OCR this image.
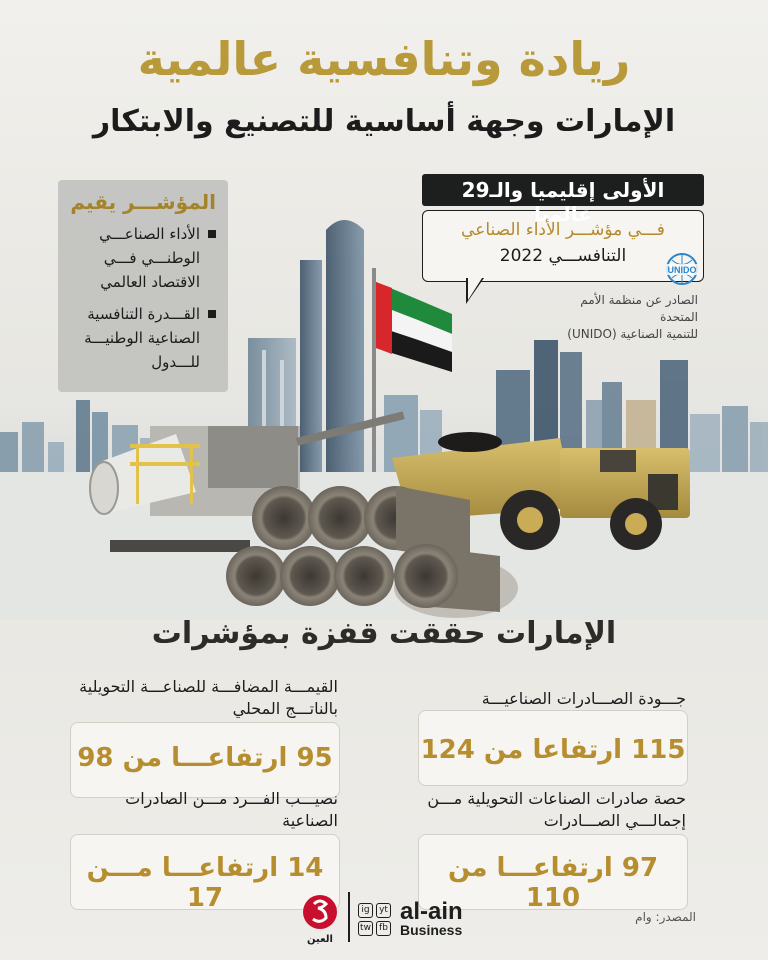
ريادة وتنافسية عالمية
الإمارات وجهة أساسية للتصنيع والابتكار
المؤشـــر يقيم
الأداء الصناعـــي الوطنـــي فـــي الاقتصاد العالمي
القـــدرة التنافسية الصناعية الوطنيـــة للـــدول
الأولى إقليميا والـ29 عالميا
فـــي مؤشـــر الأداء الصناعي
التنافســـي 2022
UNIDO
الصادر عن منظمة الأمم المتحدة
للتنمية الصناعية (UNIDO)
الإمارات حققت قفزة بمؤشرات
جـــودة الصـــادرات الصناعيـــة
115 ارتفاعا من 124
القيمـــة المضافـــة للصناعـــة التحويلية بالناتـــج المحلي
95 ارتفاعـــا من 98
حصة صادرات الصناعات التحويلية مـــن إجمالـــي الصـــادرات
97 ارتفاعـــا من 110
نصيـــب الفـــرد مـــن الصادرات الصناعية
14 ارتفاعـــا مـــن 17
العين
ig	yt
tw fb
al-ain
Business
المصدر: وام
